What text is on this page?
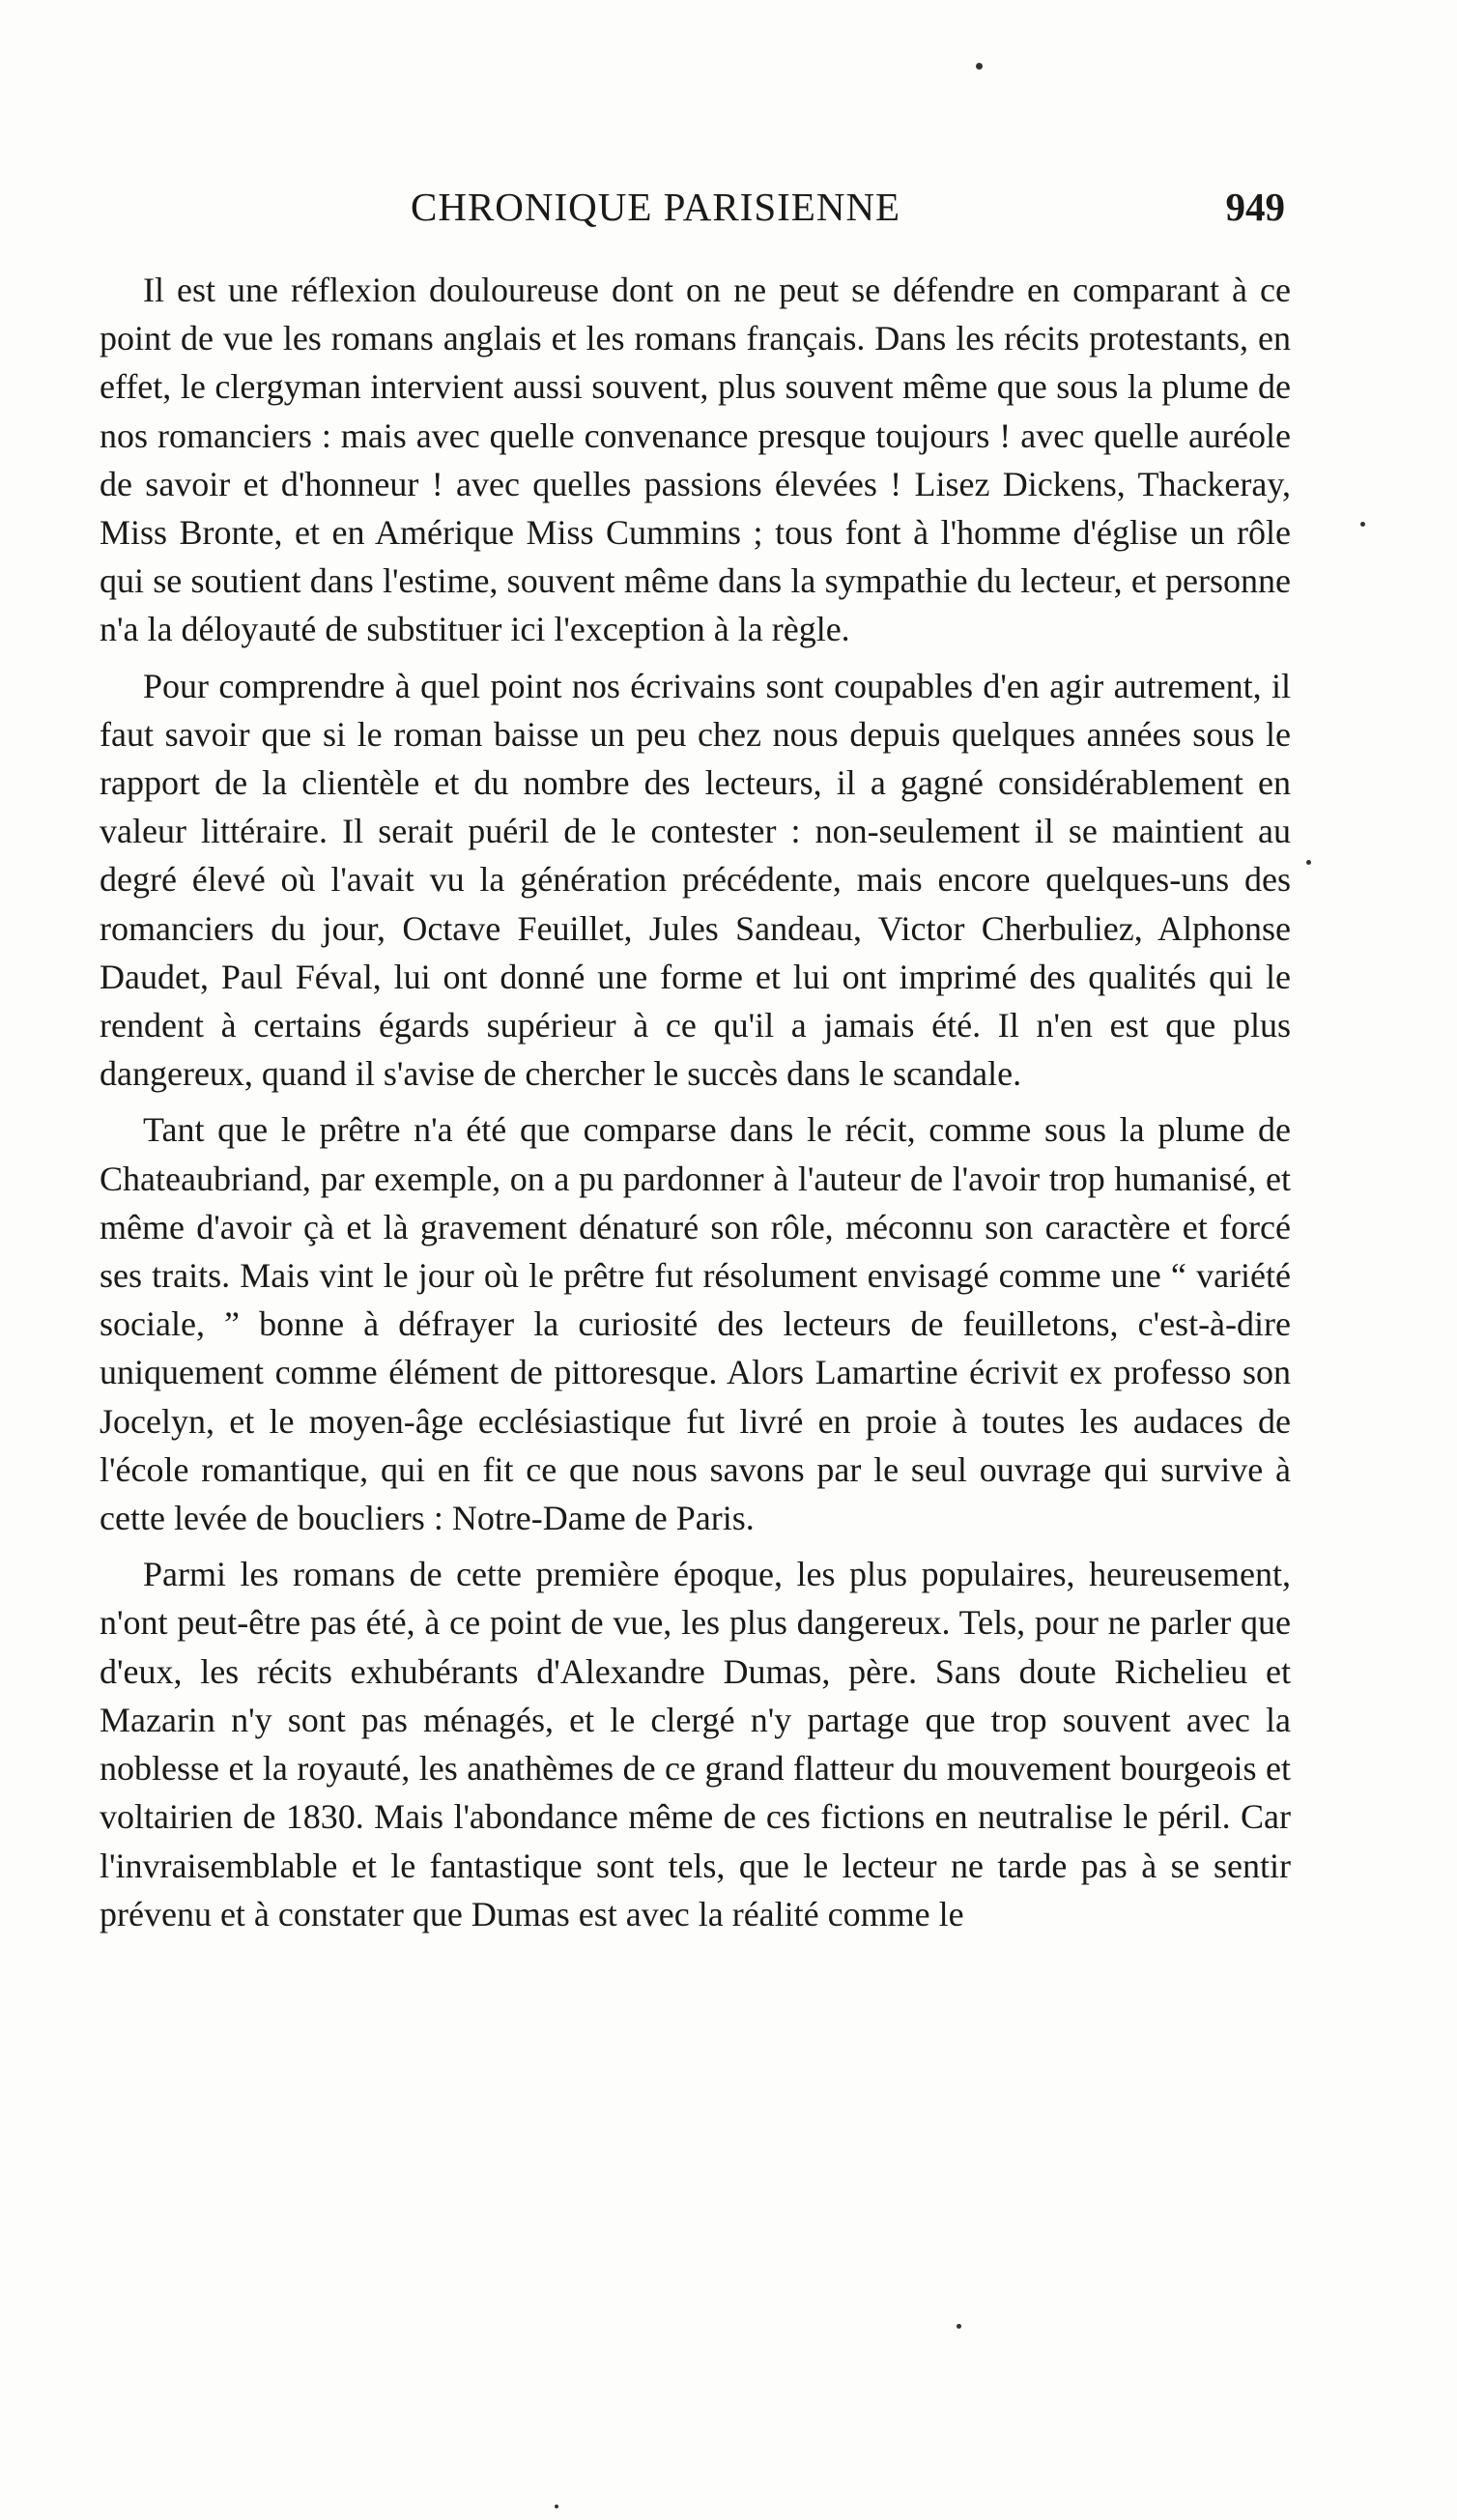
CHRONIQUE PARISIENNE	949

Il est une réflexion douloureuse dont on ne peut se défendre en comparant à ce point de vue les romans anglais et les romans français. Dans les récits protestants, en effet, le clergyman intervient aussi souvent, plus souvent même que sous la plume de nos romanciers : mais avec quelle convenance presque toujours ! avec quelle auréole de savoir et d'honneur ! avec quelles passions élevées ! Lisez Dickens, Thackeray, Miss Bronte, et en Amérique Miss Cummins ; tous font à l'homme d'église un rôle qui se soutient dans l'estime, souvent même dans la sympathie du lecteur, et personne n'a la déloyauté de substituer ici l'exception à la règle.

Pour comprendre à quel point nos écrivains sont coupables d'en agir autrement, il faut savoir que si le roman baisse un peu chez nous depuis quelques années sous le rapport de la clientèle et du nombre des lecteurs, il a gagné considérablement en valeur littéraire. Il serait puéril de le contester : non-seulement il se maintient au degré élevé où l'avait vu la génération précédente, mais encore quelques-uns des romanciers du jour, Octave Feuillet, Jules Sandeau, Victor Cherbuliez, Alphonse Daudet, Paul Féval, lui ont donné une forme et lui ont imprimé des qualités qui le rendent à certains égards supérieur à ce qu'il a jamais été. Il n'en est que plus dangereux, quand il s'avise de chercher le succès dans le scandale.

Tant que le prêtre n'a été que comparse dans le récit, comme sous la plume de Chateaubriand, par exemple, on a pu pardonner à l'auteur de l'avoir trop humanisé, et même d'avoir çà et là gravement dénaturé son rôle, méconnu son caractère et forcé ses traits. Mais vint le jour où le prêtre fut résolument envisagé comme une “ variété sociale, ” bonne à défrayer la curiosité des lecteurs de feuilletons, c'est-à-dire uniquement comme élément de pittoresque. Alors Lamartine écrivit ex professo son Jocelyn, et le moyen-âge ecclésiastique fut livré en proie à toutes les audaces de l'école romantique, qui en fit ce que nous savons par le seul ouvrage qui survive à cette levée de boucliers : Notre-Dame de Paris.

Parmi les romans de cette première époque, les plus populaires, heureusement, n'ont peut-être pas été, à ce point de vue, les plus dangereux. Tels, pour ne parler que d'eux, les récits exhubérants d'Alexandre Dumas, père. Sans doute Richelieu et Mazarin n'y sont pas ménagés, et le clergé n'y partage que trop souvent avec la noblesse et la royauté, les anathèmes de ce grand flatteur du mouvement bourgeois et voltairien de 1830. Mais l'abondance même de ces fictions en neutralise le péril. Car l'invraisemblable et le fantastique sont tels, que le lecteur ne tarde pas à se sentir prévenu et à constater que Dumas est avec la réalité comme le
